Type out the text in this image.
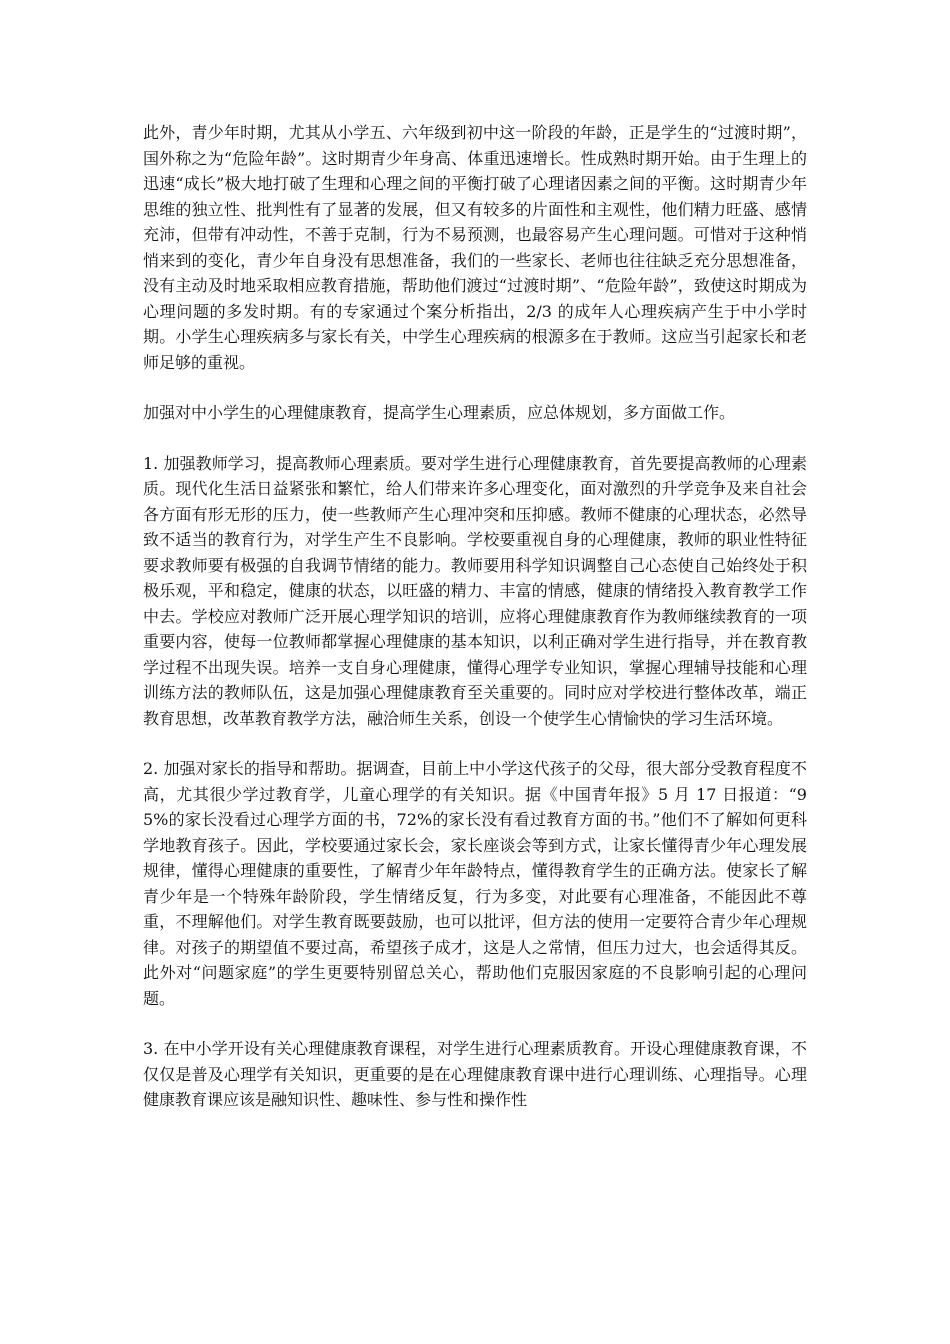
此外，青少年时期，尤其从小学五、六年级到初中这一阶段的年龄，正是学生的“过渡时期”，国外称之为“危险年龄”。这时期青少年身高、体重迅速增长。性成熟时期开始。由于生理上的迅速“成长”极大地打破了生理和心理之间的平衡打破了心理诸因素之间的平衡。这时期青少年思维的独立性、批判性有了显著的发展，但又有较多的片面性和主观性，他们精力旺盛、感情充沛，但带有冲动性，不善于克制，行为不易预测，也最容易产生心理问题。可惜对于这种悄悄来到的变化，青少年自身没有思想准备，我们的一些家长、老师也往往缺乏充分思想准备，没有主动及时地采取相应教育措施，帮助他们渡过“过渡时期”、“危险年龄”，致使这时期成为心理问题的多发时期。有的专家通过个案分析指出，2/3 的成年人心理疾病产生于中小学时期。小学生心理疾病多与家长有关，中学生心理疾病的根源多在于教师。这应当引起家长和老师足够的重视。

加强对中小学生的心理健康教育，提高学生心理素质，应总体规划，多方面做工作。

1. 加强教师学习，提高教师心理素质。要对学生进行心理健康教育，首先要提高教师的心理素质。现代化生活日益紧张和繁忙，给人们带来许多心理变化，面对激烈的升学竞争及来自社会各方面有形无形的压力，使一些教师产生心理冲突和压抑感。教师不健康的心理状态，必然导致不适当的教育行为，对学生产生不良影响。学校要重视自身的心理健康，教师的职业性特征要求教师要有极强的自我调节情绪的能力。教师要用科学知识调整自己心态使自己始终处于积极乐观，平和稳定，健康的状态，以旺盛的精力、丰富的情感，健康的情绪投入教育教学工作中去。学校应对教师广泛开展心理学知识的培训，应将心理健康教育作为教师继续教育的一项重要内容，使每一位教师都掌握心理健康的基本知识，以利正确对学生进行指导，并在教育教学过程不出现失误。培养一支自身心理健康，懂得心理学专业知识，掌握心理辅导技能和心理训练方法的教师队伍，这是加强心理健康教育至关重要的。同时应对学校进行整体改革，端正教育思想，改革教育教学方法，融洽师生关系，创设一个使学生心情愉快的学习生活环境。

2. 加强对家长的指导和帮助。据调查，目前上中小学这代孩子的父母，很大部分受教育程度不高，尤其很少学过教育学，儿童心理学的有关知识。据《中国青年报》5 月 17 日报道：“95%的家长没看过心理学方面的书，72%的家长没有看过教育方面的书。”他们不了解如何更科学地教育孩子。因此，学校要通过家长会，家长座谈会等到方式，让家长懂得青少年心理发展规律，懂得心理健康的重要性，了解青少年年龄特点，懂得教育学生的正确方法。使家长了解青少年是一个特殊年龄阶段，学生情绪反复，行为多变，对此要有心理准备，不能因此不尊重，不理解他们。对学生教育既要鼓励，也可以批评，但方法的使用一定要符合青少年心理规律。对孩子的期望值不要过高，希望孩子成才，这是人之常情，但压力过大，也会适得其反。此外对“问题家庭”的学生更要特别留总关心，帮助他们克服因家庭的不良影响引起的心理问题。

3. 在中小学开设有关心理健康教育课程，对学生进行心理素质教育。开设心理健康教育课，不仅仅是普及心理学有关知识，更重要的是在心理健康教育课中进行心理训练、心理指导。心理健康教育课应该是融知识性、趣味性、参与性和操作性
